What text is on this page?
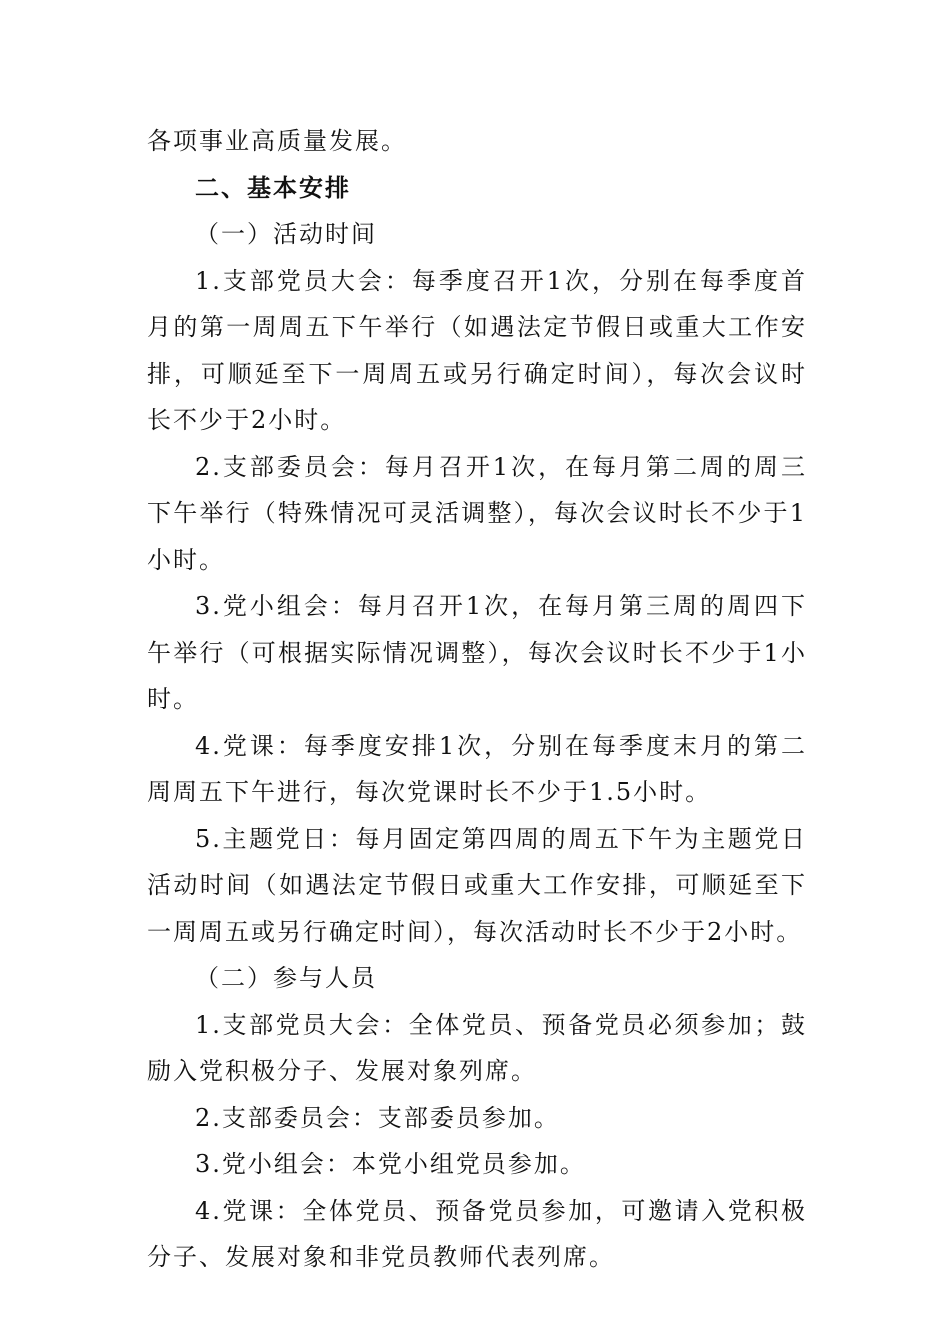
各项事业高质量发展。

二、基本安排

（一）活动时间

1.支部党员大会：每季度召开1次，分别在每季度首月的第一周周五下午举行（如遇法定节假日或重大工作安排，可顺延至下一周周五或另行确定时间），每次会议时长不少于2小时。

2.支部委员会：每月召开1次，在每月第二周的周三下午举行（特殊情况可灵活调整），每次会议时长不少于1小时。

3.党小组会：每月召开1次，在每月第三周的周四下午举行（可根据实际情况调整），每次会议时长不少于1小时。

4.党课：每季度安排1次，分别在每季度末月的第二周周五下午进行，每次党课时长不少于1.5小时。

5.主题党日：每月固定第四周的周五下午为主题党日活动时间（如遇法定节假日或重大工作安排，可顺延至下一周周五或另行确定时间），每次活动时长不少于2小时。

（二）参与人员

1.支部党员大会：全体党员、预备党员必须参加；鼓励入党积极分子、发展对象列席。

2.支部委员会：支部委员参加。

3.党小组会：本党小组党员参加。

4.党课：全体党员、预备党员参加，可邀请入党积极分子、发展对象和非党员教师代表列席。
